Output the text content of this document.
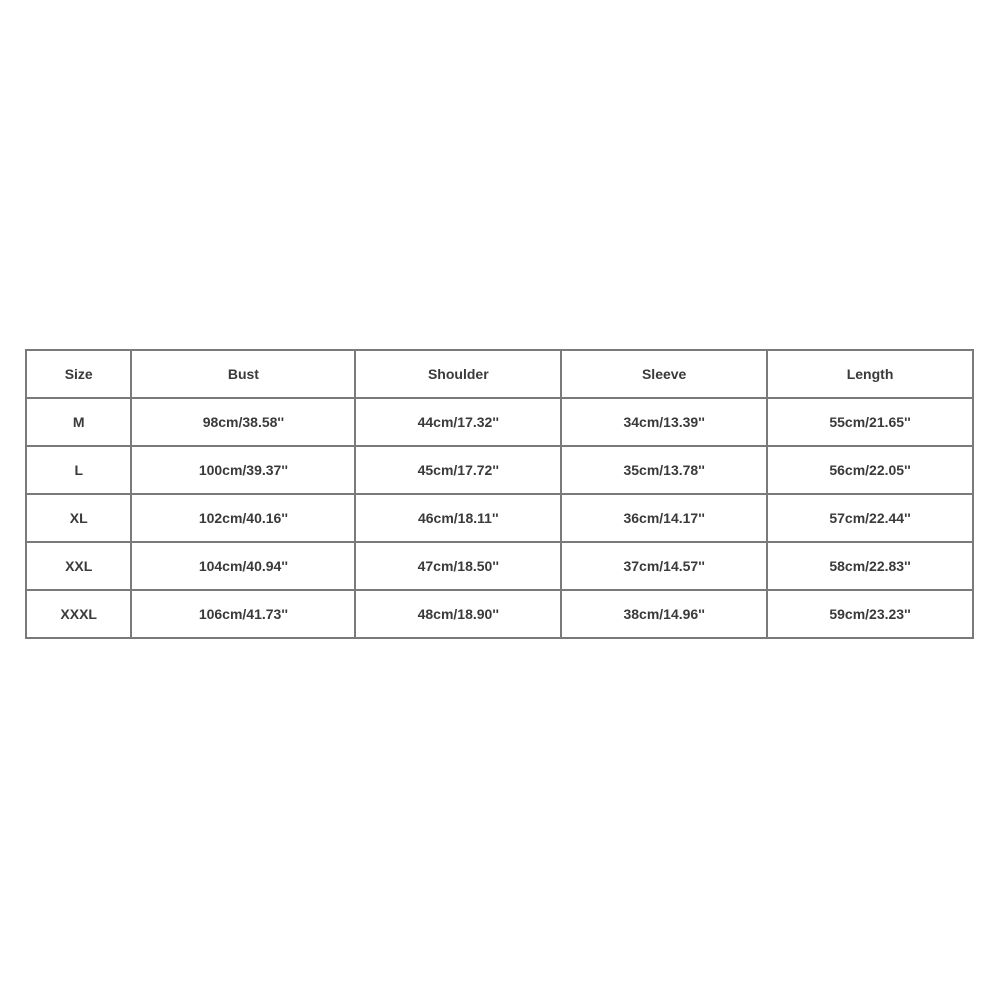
Size	Bust	Shoulder	Sleeve	Length
M	98cm/38.58''	44cm/17.32''	34cm/13.39''	55cm/21.65''
L	100cm/39.37''	45cm/17.72''	35cm/13.78''	56cm/22.05''
XL	102cm/40.16''	46cm/18.11''	36cm/14.17''	57cm/22.44''
XXL	104cm/40.94''	47cm/18.50''	37cm/14.57''	58cm/22.83''
XXXL	106cm/41.73''	48cm/18.90''	38cm/14.96''	59cm/23.23''
